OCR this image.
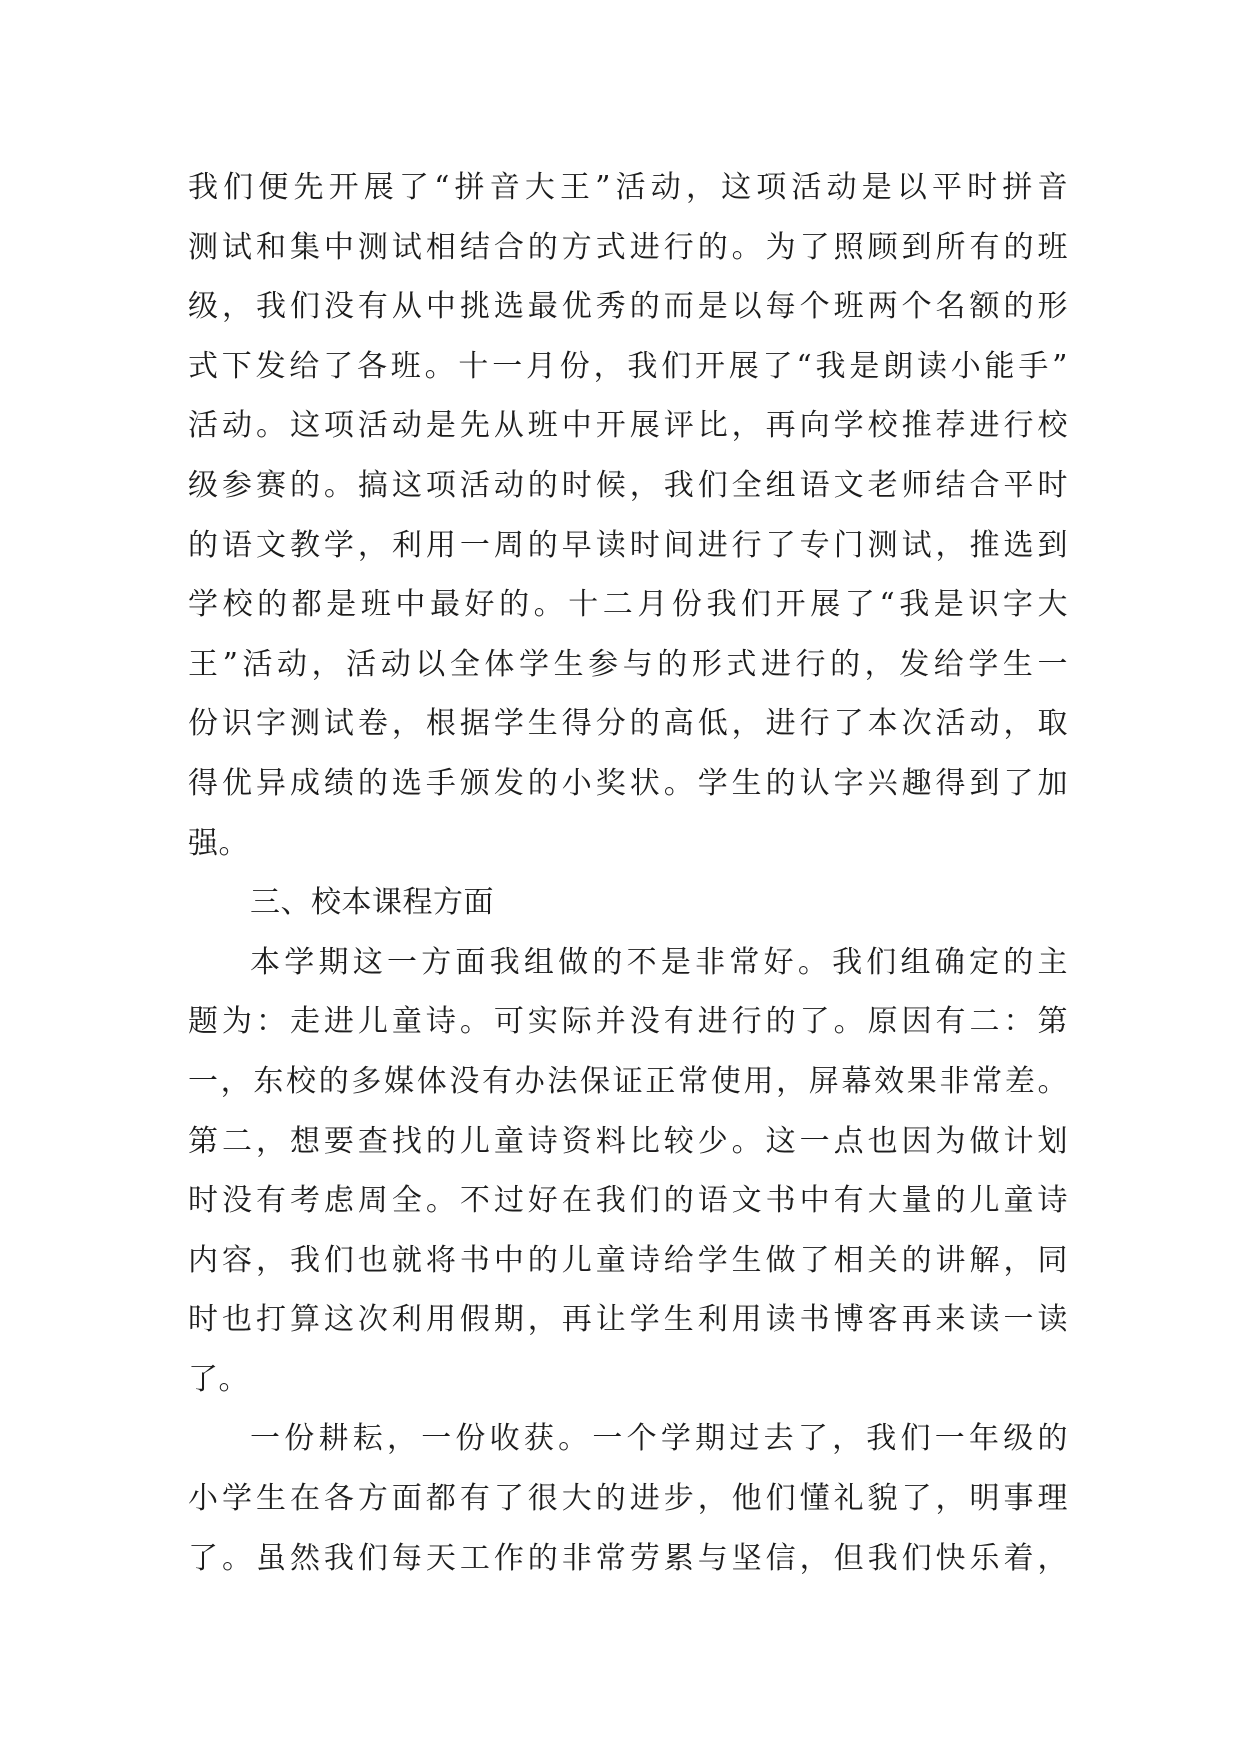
我们便先开展了“拼音大王”活动，这项活动是以平时拼音
测试和集中测试相结合的方式进行的。为了照顾到所有的班
级，我们没有从中挑选最优秀的而是以每个班两个名额的形
式下发给了各班。十一月份，我们开展了“我是朗读小能手”
活动。这项活动是先从班中开展评比，再向学校推荐进行校
级参赛的。搞这项活动的时候，我们全组语文老师结合平时
的语文教学，利用一周的早读时间进行了专门测试，推选到
学校的都是班中最好的。十二月份我们开展了“我是识字大
王”活动，活动以全体学生参与的形式进行的，发给学生一
份识字测试卷，根据学生得分的高低，进行了本次活动，取
得优异成绩的选手颁发的小奖状。学生的认字兴趣得到了加
强。
三、校本课程方面
本学期这一方面我组做的不是非常好。我们组确定的主
题为：走进儿童诗。可实际并没有进行的了。原因有二：第
一，东校的多媒体没有办法保证正常使用，屏幕效果非常差。
第二，想要查找的儿童诗资料比较少。这一点也因为做计划
时没有考虑周全。不过好在我们的语文书中有大量的儿童诗
内容，我们也就将书中的儿童诗给学生做了相关的讲解，同
时也打算这次利用假期，再让学生利用读书博客再来读一读
了。
一份耕耘，一份收获。一个学期过去了，我们一年级的
小学生在各方面都有了很大的进步，他们懂礼貌了，明事理
了。虽然我们每天工作的非常劳累与坚信，但我们快乐着，
